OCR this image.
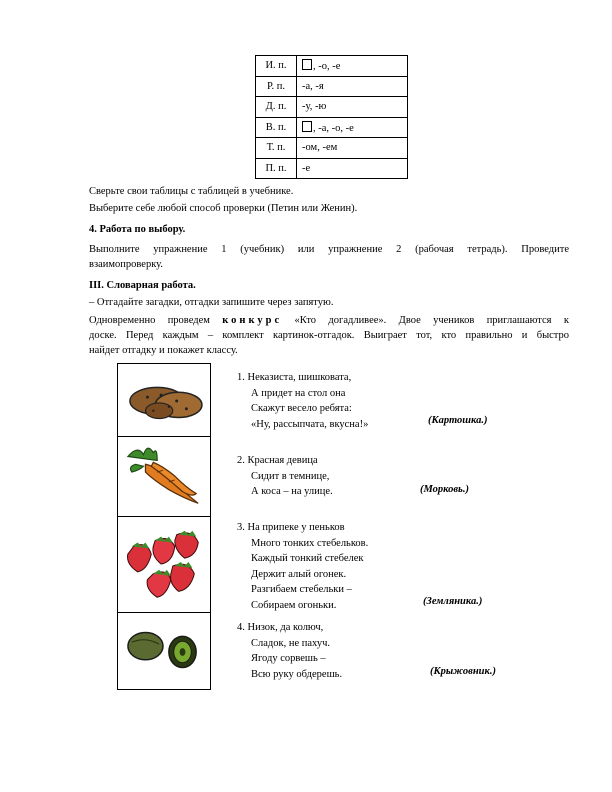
И. п.	, -о, -е
Р. п.	-а, -я
Д. п.	-у, -ю
В. п.	, -а, -о, -е
Т. п.	-ом, -ем
П. п.	-е
Сверьте свои таблицы с таблицей в учебнике.
Выберите себе любой способ проверки (Петин или Женин).
4. Работа по выбору.
Выполните упражнение 1 (учебник) или упражнение 2 (рабочая тетрадь). Проведите
взаимопроверку.
III. Словарная работа.
– Отгадайте загадки, отгадки запишите через запятую.
Одновременно проведем конкурс «Кто догадливее». Двое учеников приглашаются к
доске. Перед каждым – комплект картинок-отгадок. Выиграет тот, кто правильно и быстро
найдет отгадку и покажет классу.
1. Неказиста, шишковата,
А придет на стол она
Скажут весело ребята:
«Ну, рассыпчата, вкусна!»	(Картошка.)
2. Красная девица
Сидит в темнице,
А коса – на улице.	(Морковь.)
3. На припеке у пеньков
Много тонких стебельков.
Каждый тонкий стебелек
Держит алый огонек.
Разгибаем стебельки –
Собираем огоньки.	(Земляника.)
4. Низок, да колюч,
Сладок, не пахуч.
Ягоду сорвешь –
Всю руку обдерешь.	(Крыжовник.)
